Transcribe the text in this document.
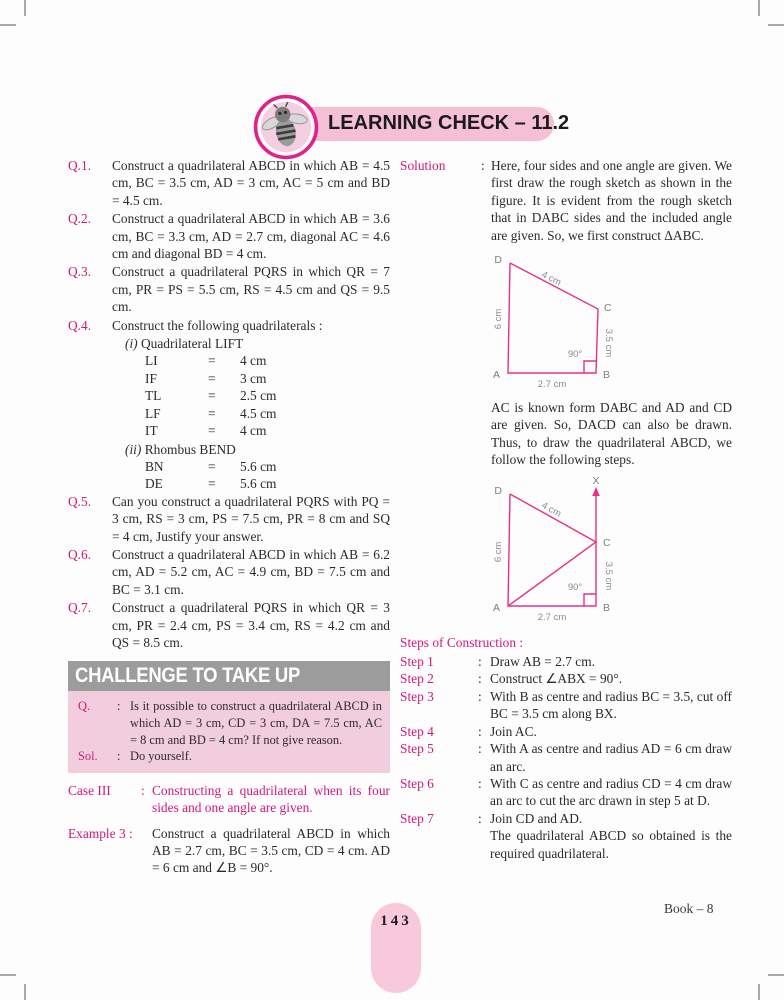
LEARNING CHECK – 11.2
Q.1. Construct a quadrilateral ABCD in which AB = 4.5 cm, BC = 3.5 cm, AD = 3 cm, AC = 5 cm and BD = 4.5 cm.
Q.2. Construct a quadrilateral ABCD in which AB = 3.6 cm, BC = 3.3 cm, AD = 2.7 cm, diagonal AC = 4.6 cm and diagonal BD = 4 cm.
Q.3. Construct a quadrilateral PQRS in which QR = 7 cm, PR = PS = 5.5 cm, RS = 4.5 cm and QS = 9.5 cm.
Q.4. Construct the following quadrilaterals :
(i) Quadrilateral LIFT
LI	=	4 cm
IF	=	3 cm
TL	=	2.5 cm
LF	=	4.5 cm
IT	=	4 cm
(ii) Rhombus BEND
BN	=	5.6 cm
DE	=	5.6 cm
Q.5. Can you construct a quadrilateral PQRS with PQ = 3 cm, RS = 3 cm, PS = 7.5 cm, PR = 8 cm and SQ = 4 cm, Justify your answer.
Q.6. Construct a quadrilateral ABCD in which AB = 6.2 cm, AD = 5.2 cm, AC = 4.9 cm, BD = 7.5 cm and BC = 3.1 cm.
Q.7. Construct a quadrilateral PQRS in which QR = 3 cm, PR = 2.4 cm, PS = 3.4 cm, RS = 4.2 cm and QS = 8.5 cm.
CHALLENGE TO TAKE UP
Q. : Is it possible to construct a quadrilateral ABCD in which AD = 3 cm, CD = 3 cm, DA = 7.5 cm, AC = 8 cm and BD = 4 cm? If not give reason.
Sol. : Do yourself.
Case III : Constructing a quadrilateral when its four sides and one angle are given.
Example 3 : Construct a quadrilateral ABCD in which AB = 2.7 cm, BC = 3.5 cm, CD = 4 cm. AD = 6 cm and ∠B = 90°.
Solution	: Here, four sides and one angle are given. We first draw the rough sketch as shown in the figure. It is evident from the rough sketch that in DABC sides and the included angle are given. So, we first construct ΔABC.
D
A	B
C
4 cm
6 cm
3.5 cm
2.7 cm
90°
AC is known form DABC and AD and CD are given. So, DACD can also be drawn. Thus, to draw the quadrilateral ABCD, we follow the following steps.
D
A	B
C
X
4 cm
6 cm
3.5 cm
2.7 cm
90°
Steps of Construction :
Step 1	: Draw AB = 2.7 cm.
Step 2	: Construct ∠ABX = 90°.
Step 3	: With B as centre and radius BC = 3.5, cut off BC = 3.5 cm along BX.
Step 4	: Join AC.
Step 5	: With A as centre and radius AD = 6 cm draw an arc.
Step 6	: With C as centre and radius CD = 4 cm draw an arc to cut the arc drawn in step 5 at D.
Step 7	: Join CD and AD.
The quadrilateral ABCD so obtained is the required quadrilateral.
143
Book – 8
